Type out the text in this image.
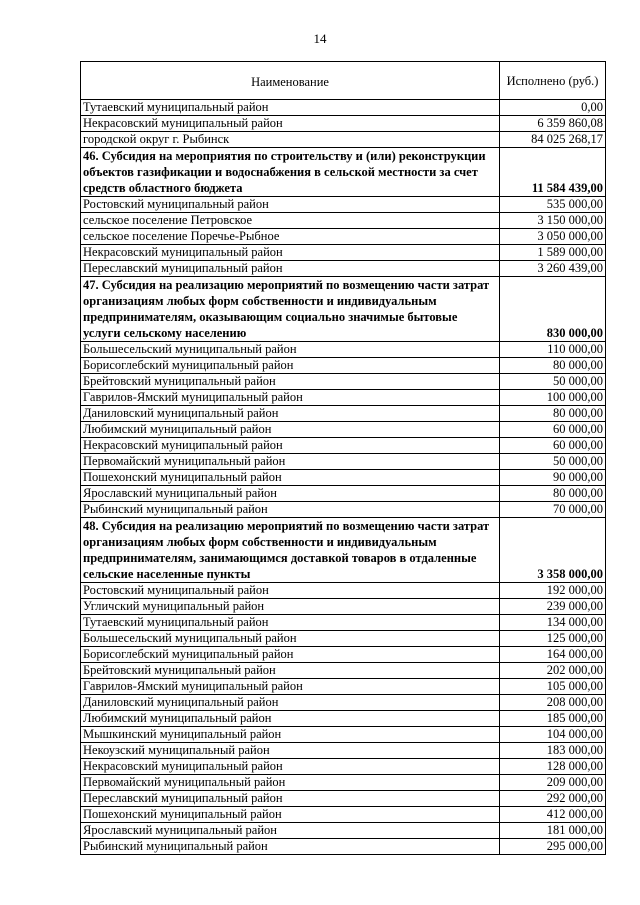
14
Наименование	Исполнено (руб.)
Тутаевский муниципальный район	0,00
Некрасовский муниципальный район	6 359 860,08
городской округ г. Рыбинск	84 025 268,17
46. Субсидия на мероприятия по строительству и (или) реконструкции объектов газификации и водоснабжения в сельской местности за счет средств областного бюджета	11 584 439,00
Ростовский муниципальный район	535 000,00
сельское поселение Петровское	3 150 000,00
сельское поселение Поречье-Рыбное	3 050 000,00
Некрасовский муниципальный район	1 589 000,00
Переславский муниципальный район	3 260 439,00
47. Субсидия на реализацию мероприятий по возмещению части затрат организациям любых форм собственности и индивидуальным предпринимателям, оказывающим социально значимые бытовые услуги сельскому населению	830 000,00
Большесельский муниципальный район	110 000,00
Борисоглебский муниципальный район	80 000,00
Брейтовский муниципальный район	50 000,00
Гаврилов-Ямский муниципальный район	100 000,00
Даниловский муниципальный район	80 000,00
Любимский муниципальный район	60 000,00
Некрасовский муниципальный район	60 000,00
Первомайский муниципальный район	50 000,00
Пошехонский муниципальный район	90 000,00
Ярославский муниципальный район	80 000,00
Рыбинский муниципальный район	70 000,00
48. Субсидия на реализацию мероприятий по возмещению части затрат организациям любых форм собственности и индивидуальным предпринимателям, занимающимся доставкой товаров в отдаленные сельские населенные пункты	3 358 000,00
Ростовский муниципальный район	192 000,00
Угличский муниципальный район	239 000,00
Тутаевский муниципальный район	134 000,00
Большесельский муниципальный район	125 000,00
Борисоглебский муниципальный район	164 000,00
Брейтовский муниципальный район	202 000,00
Гаврилов-Ямский муниципальный район	105 000,00
Даниловский муниципальный район	208 000,00
Любимский муниципальный район	185 000,00
Мышкинский муниципальный район	104 000,00
Некоузский муниципальный район	183 000,00
Некрасовский муниципальный район	128 000,00
Первомайский муниципальный район	209 000,00
Переславский муниципальный район	292 000,00
Пошехонский муниципальный район	412 000,00
Ярославский муниципальный район	181 000,00
Рыбинский муниципальный район	295 000,00
